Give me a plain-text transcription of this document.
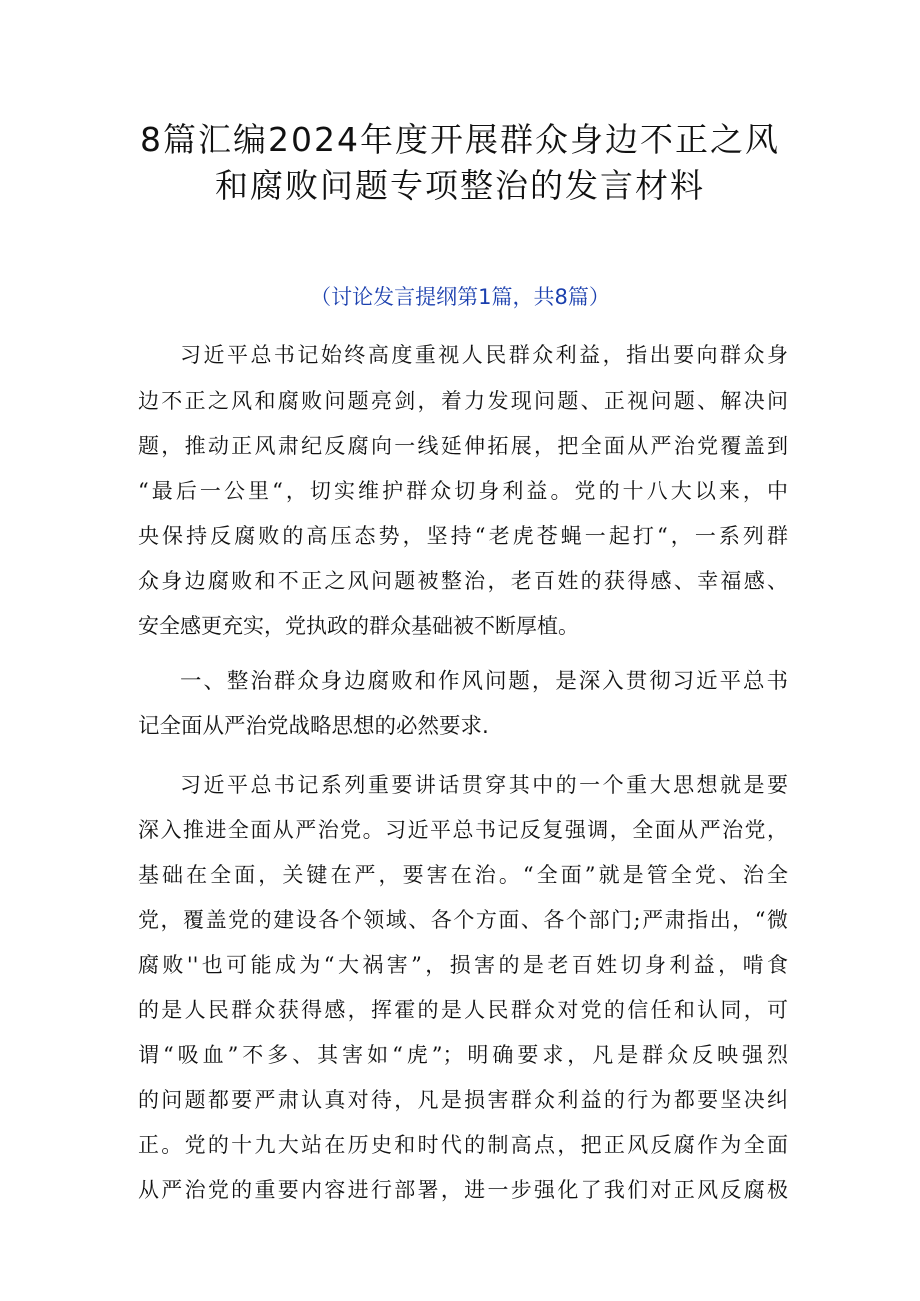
8篇汇编2024年度开展群众身边不正之风
和腐败问题专项整治的发言材料
（讨论发言提纲第1篇，共8篇）
习近平总书记始终高度重视人民群众利益，指出要向群众身
边不正之风和腐败问题亮剑，着力发现问题、正视问题、解决问
题，推动正风肃纪反腐向一线延伸拓展，把全面从严治党覆盖到
“最后一公里“，切实维护群众切身利益。党的十八大以来，中
央保持反腐败的高压态势，坚持“老虎苍蝇一起打“，一系列群
众身边腐败和不正之风问题被整治，老百姓的获得感、幸福感、
安全感更充实，党执政的群众基础被不断厚植。
一、整治群众身边腐败和作风问题，是深入贯彻习近平总书
记全面从严治党战略思想的必然要求.
习近平总书记系列重要讲话贯穿其中的一个重大思想就是要
深入推进全面从严治党。习近平总书记反复强调，全面从严治党，
基础在全面，关键在严，要害在治。“全面”就是管全党、治全
党，覆盖党的建设各个领域、各个方面、各个部门;严肃指出，“微
腐败''也可能成为“大祸害”，损害的是老百姓切身利益，啃食
的是人民群众获得感，挥霍的是人民群众对党的信任和认同，可
谓“吸血”不多、其害如“虎”；明确要求，凡是群众反映强烈
的问题都要严肃认真对待，凡是损害群众利益的行为都要坚决纠
正。党的十九大站在历史和时代的制高点，把正风反腐作为全面
从严治党的重要内容进行部署，进一步强化了我们对正风反腐极
